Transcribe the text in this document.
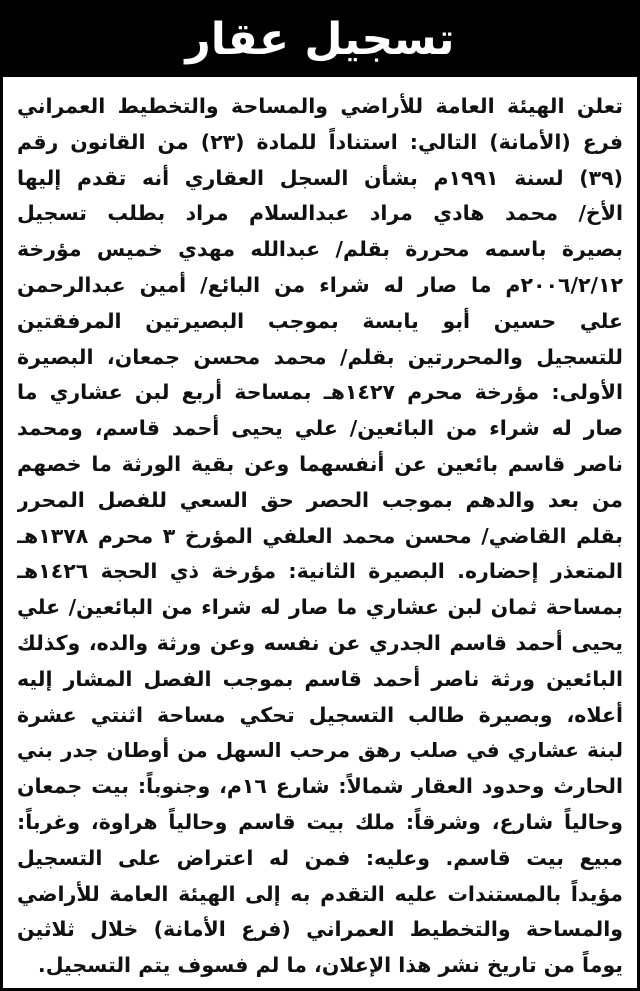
تسجيل عقار
تعلن الهيئة العامة للأراضي والمساحة والتخطيط العمراني
فرع (الأمانة) التالي: استناداً للمادة (٢٣) من القانون رقم
(٣٩) لسنة ١٩٩١م بشأن السجل العقاري أنه تقدم إليها
الأخ/ محمد هادي مراد عبدالسلام مراد بطلب تسجيل
بصيرة باسمه محررة بقلم/ عبدالله مهدي خميس مؤرخة
٢٠٠٦/٢/١٢م ما صار له شراء من البائع/ أمين عبدالرحمن
علي حسين أبو يابسة بموجب البصيرتين المرفقتين
للتسجيل والمحررتين بقلم/ محمد محسن جمعان، البصيرة
الأولى: مؤرخة محرم ١٤٢٧هـ بمساحة أربع لبن عشاري ما
صار له شراء من البائعين/ علي يحيى أحمد قاسم، ومحمد
ناصر قاسم بائعين عن أنفسهما وعن بقية الورثة ما خصهم
من بعد والدهم بموجب الحصر حق السعي للفصل المحرر
بقلم القاضي/ محسن محمد العلفي المؤرخ ٣ محرم ١٣٧٨هـ
المتعذر إحضاره. البصيرة الثانية: مؤرخة ذي الحجة ١٤٢٦هـ
بمساحة ثمان لبن عشاري ما صار له شراء من البائعين/ علي
يحيى أحمد قاسم الجدري عن نفسه وعن ورثة والده، وكذلك
البائعين ورثة ناصر أحمد قاسم بموجب الفصل المشار إليه
أعلاه، وبصيرة طالب التسجيل تحكي مساحة اثنتي عشرة
لبنة عشاري في صلب رهق مرحب السهل من أوطان جدر بني
الحارث وحدود العقار شمالاً: شارع ١٦م، وجنوباً: بيت جمعان
وحالياً شارع، وشرقاً: ملك بيت قاسم وحالياً هراوة، وغرباً:
مبيع بيت قاسم. وعليه: فمن له اعتراض على التسجيل
مؤيداً بالمستندات عليه التقدم به إلى الهيئة العامة للأراضي
والمساحة والتخطيط العمراني (فرع الأمانة) خلال ثلاثين
يوماً من تاريخ نشر هذا الإعلان، ما لم فسوف يتم التسجيل.
